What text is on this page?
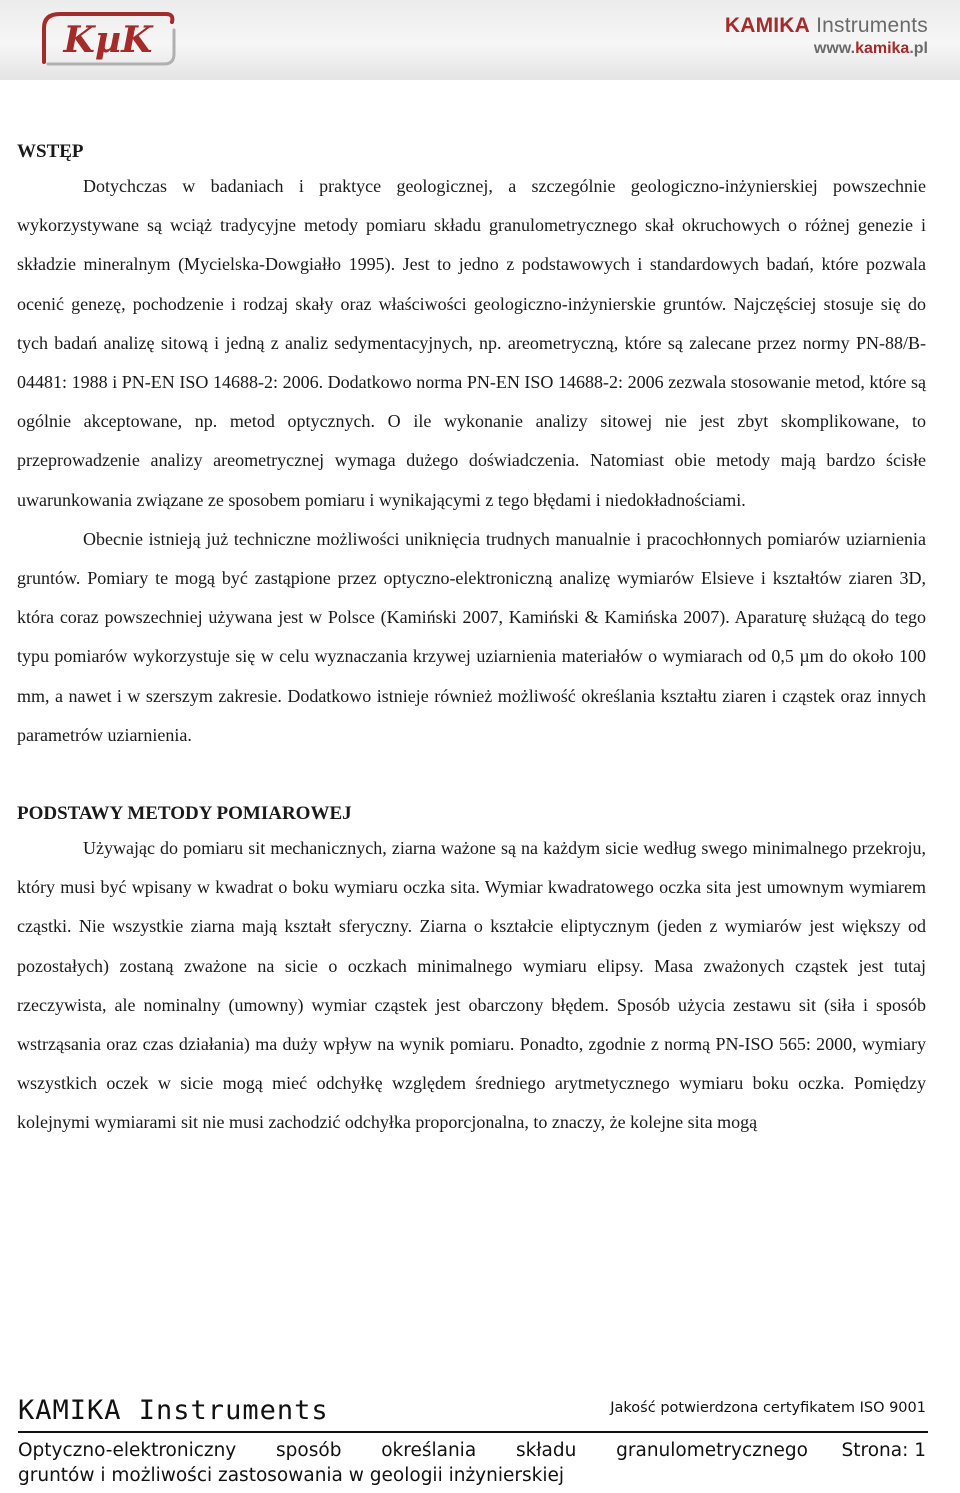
KµK	KAMIKA Instruments
www.kamika.pl
WSTĘP

Dotychczas w badaniach i praktyce geologicznej, a szczególnie geologiczno-inżynierskiej powszechnie wykorzystywane są wciąż tradycyjne metody pomiaru składu granulometrycznego skał okruchowych o różnej genezie i składzie mineralnym (Mycielska-Dowgiałło 1995). Jest to jedno z podstawowych i standardowych badań, które pozwala ocenić genezę, pochodzenie i rodzaj skały oraz właściwości geologiczno-inżynierskie gruntów. Najczęściej stosuje się do tych badań analizę sitową i jedną z analiz sedymentacyjnych, np. areometryczną, które są zalecane przez normy PN-88/B-04481: 1988 i PN-EN ISO 14688-2: 2006. Dodatkowo norma PN-EN ISO 14688-2: 2006 zezwala stosowanie metod, które są ogólnie akceptowane, np. metod optycznych. O ile wykonanie analizy sitowej nie jest zbyt skomplikowane, to przeprowadzenie analizy areometrycznej wymaga dużego doświadczenia. Natomiast obie metody mają bardzo ścisłe uwarunkowania związane ze sposobem pomiaru i wynikającymi z tego błędami i niedokładnościami.

Obecnie istnieją już techniczne możliwości uniknięcia trudnych manualnie i pracochłonnych pomiarów uziarnienia gruntów. Pomiary te mogą być zastąpione przez optyczno-elektroniczną analizę wymiarów Elsieve i kształtów ziaren 3D, która coraz powszechniej używana jest w Polsce (Kamiński 2007, Kamiński & Kamińska 2007). Aparaturę służącą do tego typu pomiarów wykorzystuje się w celu wyznaczania krzywej uziarnienia materiałów o wymiarach od 0,5 µm do około 100 mm, a nawet i w szerszym zakresie. Dodatkowo istnieje również możliwość określania kształtu ziaren i cząstek oraz innych parametrów uziarnienia.

PODSTAWY METODY POMIAROWEJ

Używając do pomiaru sit mechanicznych, ziarna ważone są na każdym sicie według swego minimalnego przekroju, który musi być wpisany w kwadrat o boku wymiaru oczka sita. Wymiar kwadratowego oczka sita jest umownym wymiarem cząstki. Nie wszystkie ziarna mają kształt sferyczny. Ziarna o kształcie eliptycznym (jeden z wymiarów jest większy od pozostałych) zostaną zważone na sicie o oczkach minimalnego wymiaru elipsy. Masa zważonych cząstek jest tutaj rzeczywista, ale nominalny (umowny) wymiar cząstek jest obarczony błędem. Sposób użycia zestawu sit (siła i sposób wstrząsania oraz czas działania) ma duży wpływ na wynik pomiaru. Ponadto, zgodnie z normą PN-ISO 565: 2000, wymiary wszystkich oczek w sicie mogą mieć odchyłkę względem średniego arytmetycznego wymiaru boku oczka. Pomiędzy kolejnymi wymiarami sit nie musi zachodzić odchyłka proporcjonalna, to znaczy, że kolejne sita mogą

KAMIKA Instruments	Jakość potwierdzona certyfikatem ISO 9001
Optyczno-elektroniczny sposób określania składu granulometrycznego
gruntów i możliwości zastosowania w geologii inżynierskiej
Strona: 1
